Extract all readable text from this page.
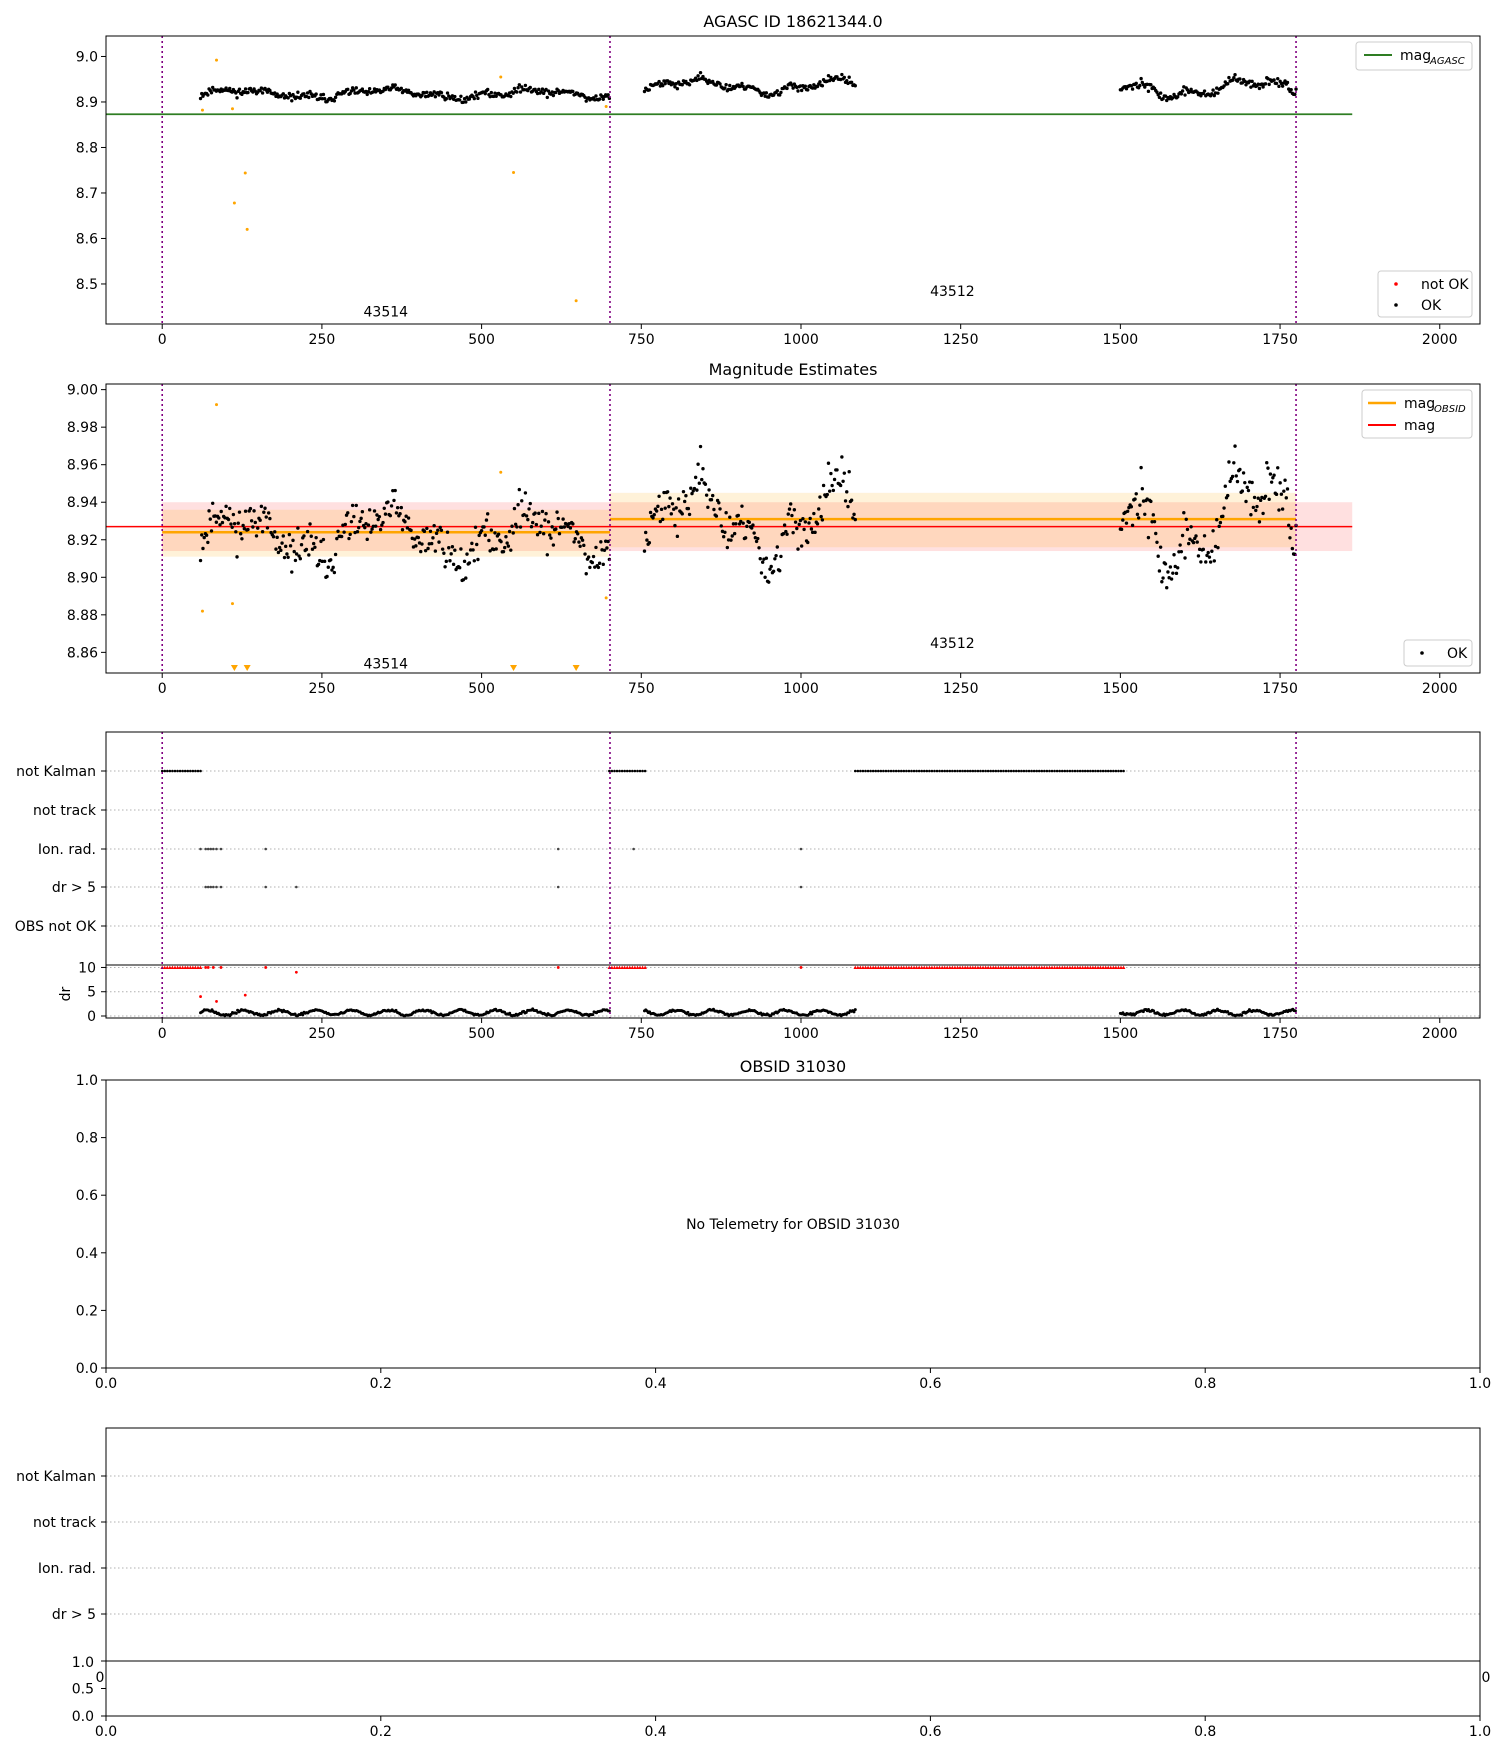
AGASC ID 18621344.0
43514
43512
0	250	500	750	1000	1250	1500	1750	2000
8.5
8.6
8.7
8.8
8.9
9.0	mag
AGASC
not OK
OK
Magnitude Estimates
43514
43512
0	250	500	750	1000	1250	1500	1750	2000
8.86
8.88
8.90
8.92
8.94
8.96
8.98
9.00
mag
OBSID
mag
OK
not Kalman
not track
Ion. rad.
dr > 5
OBS not OK
0
5
10
0	250	500	750	1000	1250	1500	1750	2000
dr
OBSID 31030
No Telemetry for OBSID 31030
0.0	0.2	0.4	0.6	0.8	1.0
0.0
0.2
0.4
0.6
0.8
1.0
not Kalman
not track
Ion. rad.
dr > 5
0.0
0.5
0.0	0.2	0.4	0.6	0.8	1.0
1.0
0	0
